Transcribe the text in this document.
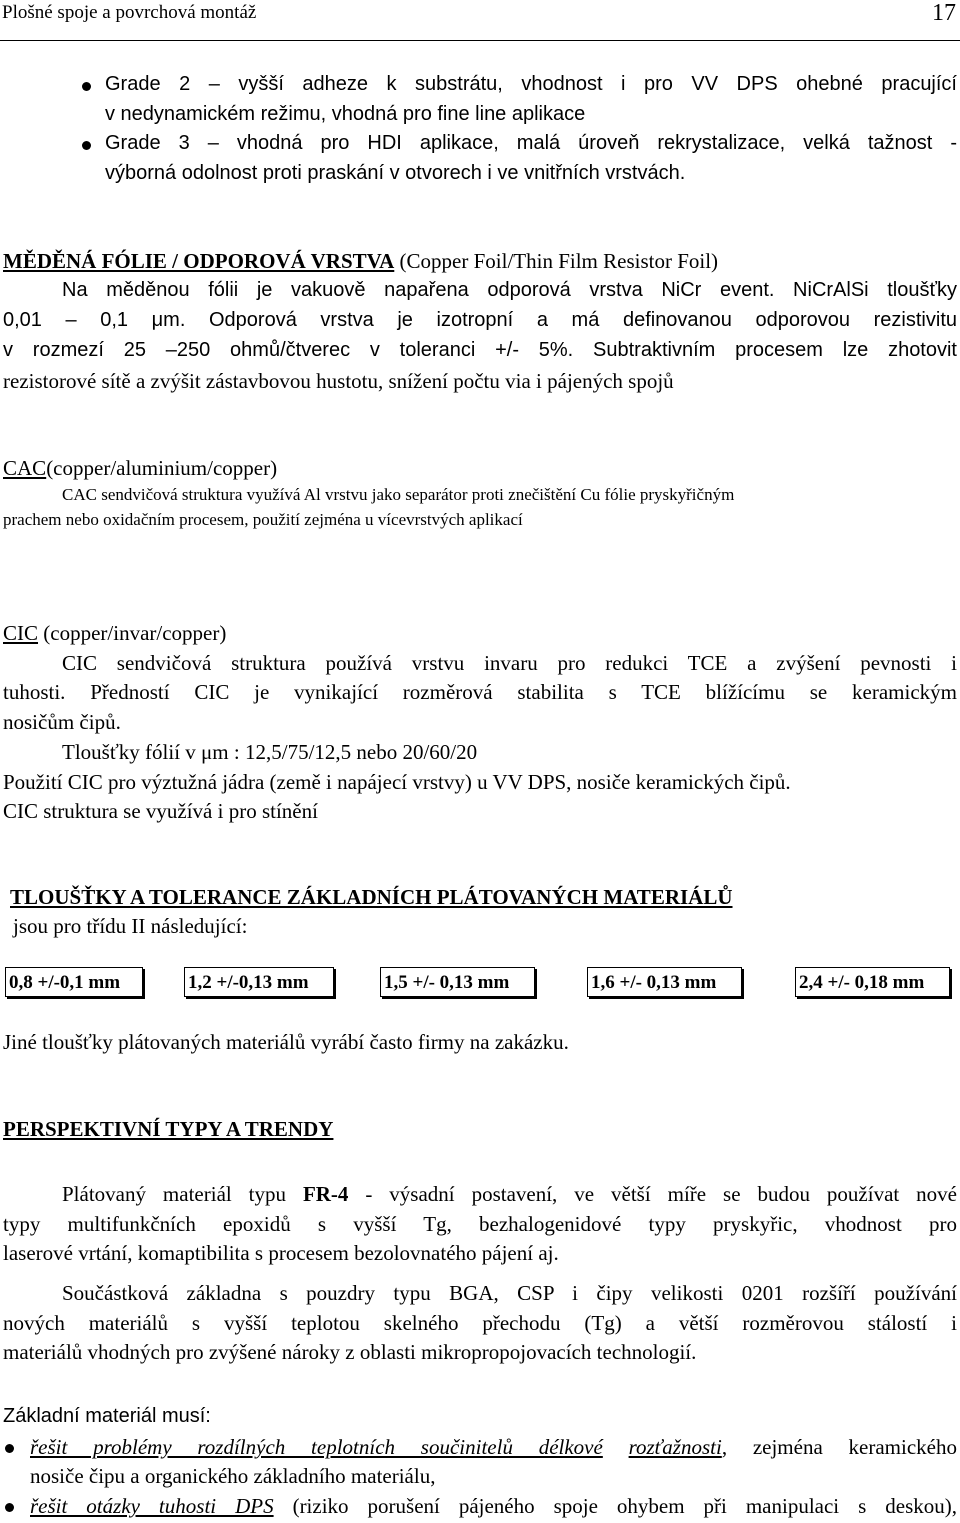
Plošné spoje a povrchová montáž	17
Grade 2 – vyšší adheze k substrátu, vhodnost i pro VV DPS ohebné pracující
v nedynamickém režimu, vhodná pro fine line aplikace
Grade 3 – vhodná pro HDI aplikace, malá úroveň rekrystalizace, velká tažnost -
výborná odolnost proti praskání v otvorech i ve vnitřních vrstvách.
MĚDĚNÁ FÓLIE / ODPOROVÁ VRSTVA (Copper Foil/Thin Film Resistor Foil)
Na měděnou fólii je vakuově napařena odporová vrstva NiCr event. NiCrAlSi tloušťky
0,01 – 0,1 μm. Odporová vrstva je izotropní a má definovanou odporovou rezistivitu
v rozmezí 25 –250 ohmů/čtverec v toleranci +/- 5%. Subtraktivním procesem lze zhotovit
rezistorové sítě a zvýšit zástavbovou hustotu, snížení počtu via i pájených spojů
CAC(copper/aluminium/copper)
CAC sendvičová struktura využívá Al vrstvu jako separátor proti znečištění Cu fólie pryskyřičným
prachem nebo oxidačním procesem, použití zejména u vícevrstvých aplikací
CIC (copper/invar/copper)
CIC sendvičová struktura používá vrstvu invaru pro redukci TCE a zvýšení pevnosti i
tuhosti. Předností CIC je vynikající rozměrová stabilita s TCE blížícímu se keramickým
nosičům čipů.
Tloušťky fólií v μm : 12,5/75/12,5 nebo 20/60/20
Použití CIC pro výztužná jádra (země i napájecí vrstvy) u VV DPS, nosiče keramických čipů.
CIC struktura se využívá i pro stínění
TLOUŠŤKY A TOLERANCE ZÁKLADNÍCH PLÁTOVANÝCH MATERIÁLŮ
jsou pro třídu II následující:
0,8 +/-0,1 mm	1,2 +/-0,13 mm	1,5 +/- 0,13 mm	1,6 +/- 0,13 mm	2,4 +/- 0,18 mm
Jiné tloušťky plátovaných materiálů vyrábí často firmy na zakázku.
PERSPEKTIVNÍ TYPY A TRENDY
Plátovaný materiál typu FR-4 - výsadní postavení, ve větší míře se budou používat nové
typy multifunkčních epoxidů s vyšší Tg, bezhalogenidové typy pryskyřic, vhodnost pro
laserové vrtání, komaptibilita s procesem bezolovnatého pájení aj.
Součástková základna s pouzdry typu BGA, CSP i čipy velikosti 0201 rozšíří používání
nových materiálů s vyšší teplotou skelného přechodu (Tg) a větší rozměrovou stálostí i
materiálů vhodných pro zvýšené nároky z oblasti mikropropojovacích technologií.
Základní materiál musí:
řešit problémy rozdílných teplotních součinitelů délkové rozťažnosti, zejména keramického
nosiče čipu a organického základního materiálu,
řešit otázky tuhosti DPS (riziko porušení pájeného spoje ohybem při manipulaci s deskou),
